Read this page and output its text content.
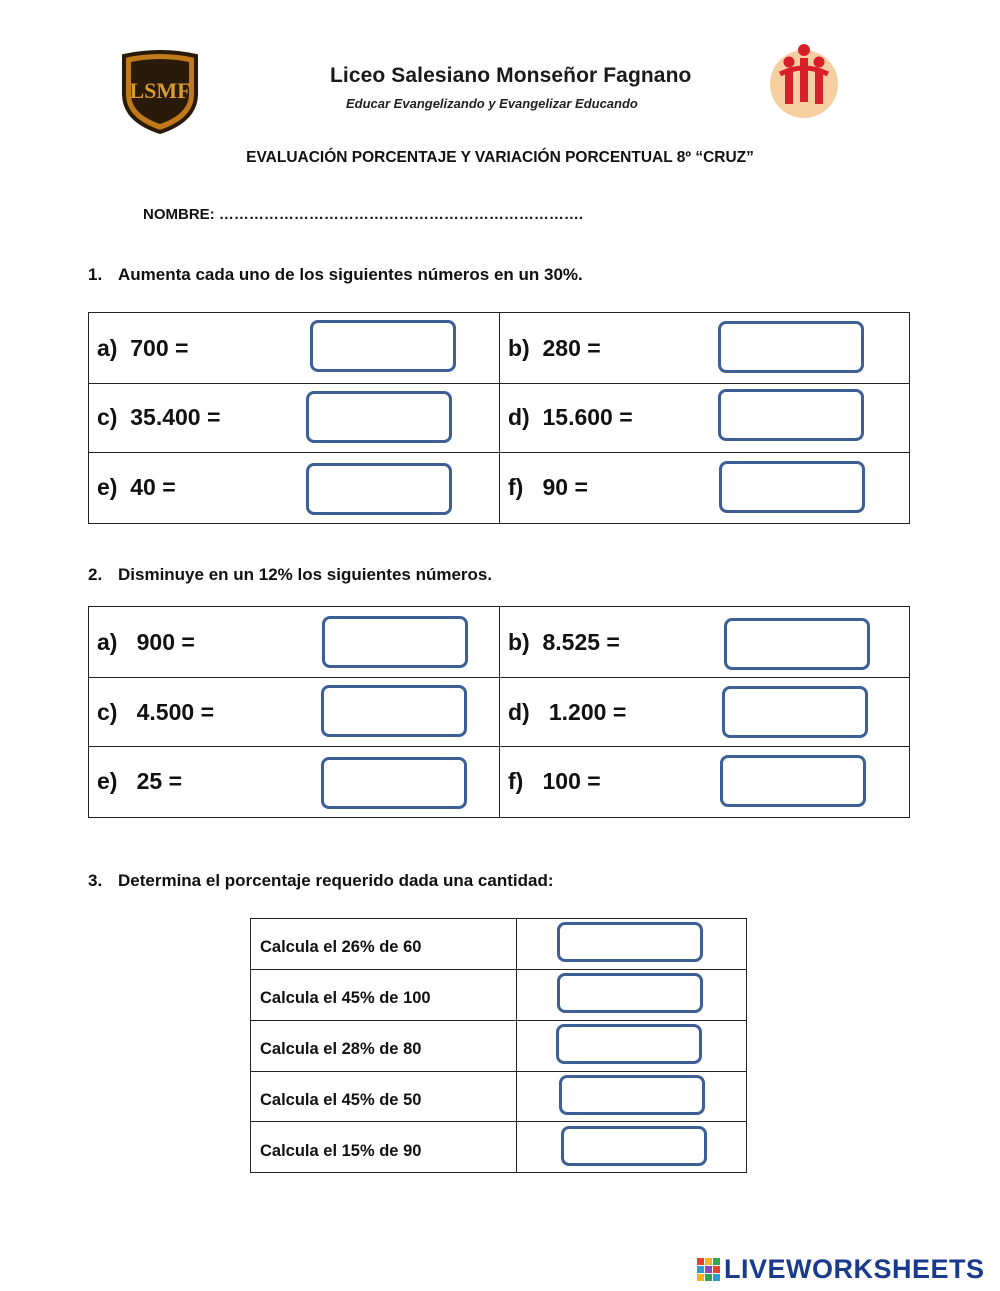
LSMF
Liceo Salesiano Monseñor Fagnano
Educar Evangelizando y Evangelizar Educando
EVALUACIÓN PORCENTAJE Y VARIACIÓN PORCENTUAL 8º “CRUZ”
NOMBRE: ……………………………………………………………….
1. Aumenta cada uno de los siguientes números en un 30%.
a)  700 =	b)  280 =
c)  35.400 =	d)  15.600 =
e)  40 =	f)   90 =
2. Disminuye en un 12% los siguientes números.
a)   900 =	b)  8.525 =
c)   4.500 =	d)   1.200 =
e)   25 =	f)   100 =
3. Determina el porcentaje requerido dada una cantidad:
Calcula el 26% de 60
Calcula el 45% de 100
Calcula el 28% de 80
Calcula el 45% de 50
Calcula el 15% de 90
LIVEWORKSHEETS
